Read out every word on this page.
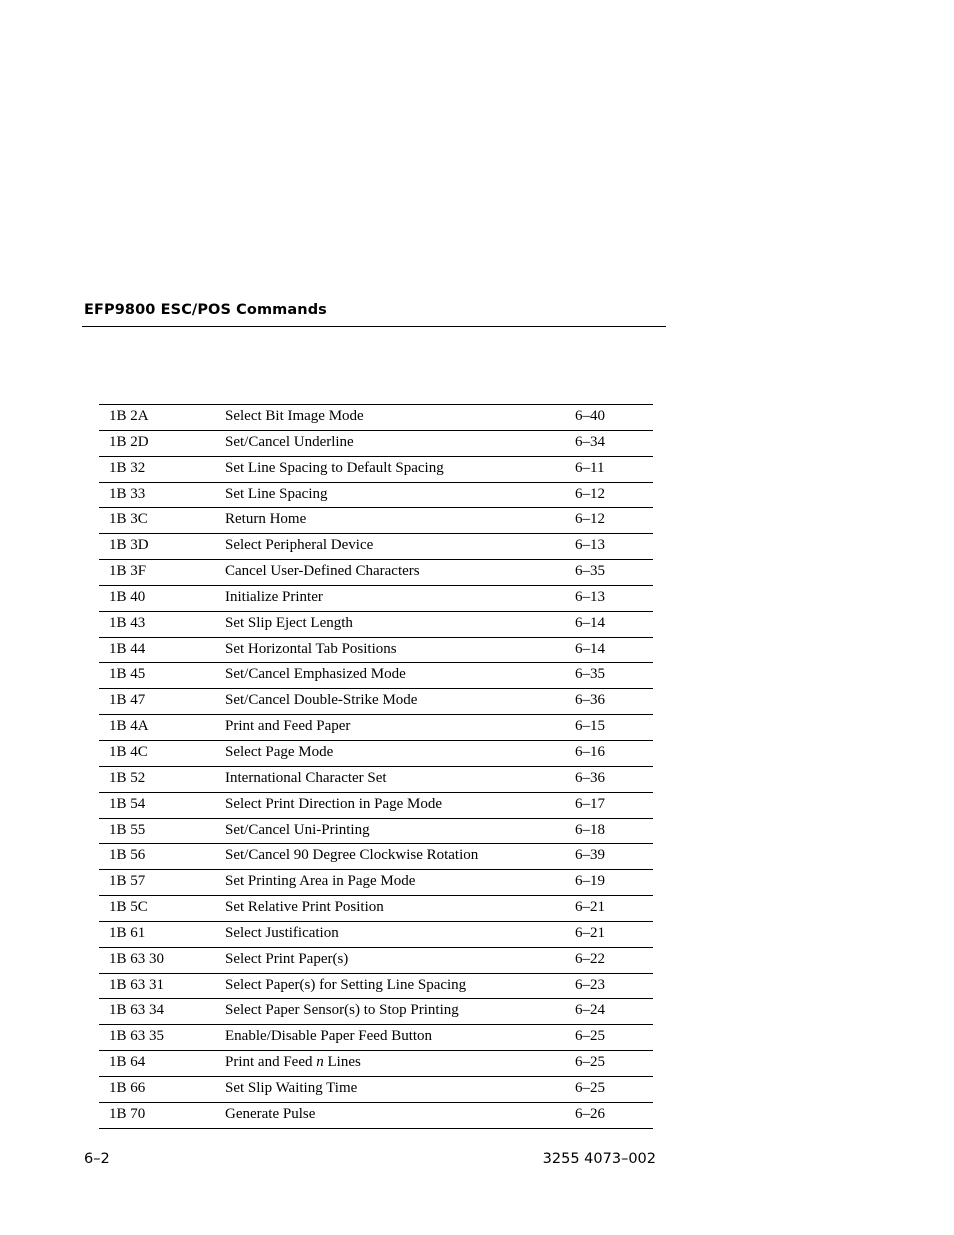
EFP9800 ESC/POS Commands
1B 2A	Select Bit Image Mode	6–40
1B 2D	Set/Cancel Underline	6–34
1B 32	Set Line Spacing to Default Spacing	6–11
1B 33	Set Line Spacing	6–12
1B 3C	Return Home	6–12
1B 3D	Select Peripheral Device	6–13
1B 3F	Cancel User-Defined Characters	6–35
1B 40	Initialize Printer	6–13
1B 43	Set Slip Eject Length	6–14
1B 44	Set Horizontal Tab Positions	6–14
1B 45	Set/Cancel Emphasized Mode	6–35
1B 47	Set/Cancel Double-Strike Mode	6–36
1B 4A	Print and Feed Paper	6–15
1B 4C	Select Page Mode	6–16
1B 52	International Character Set	6–36
1B 54	Select Print Direction in Page Mode	6–17
1B 55	Set/Cancel Uni-Printing	6–18
1B 56	Set/Cancel 90 Degree Clockwise Rotation	6–39
1B 57	Set Printing Area in Page Mode	6–19
1B 5C	Set Relative Print Position	6–21
1B 61	Select Justification	6–21
1B 63 30	Select Print Paper(s)	6–22
1B 63 31	Select Paper(s) for Setting Line Spacing	6–23
1B 63 34	Select Paper Sensor(s) to Stop Printing	6–24
1B 63 35	Enable/Disable Paper Feed Button	6–25
1B 64	Print and Feed n Lines	6–25
1B 66	Set Slip Waiting Time	6–25
1B 70	Generate Pulse	6–26
6–2	3255 4073–002
